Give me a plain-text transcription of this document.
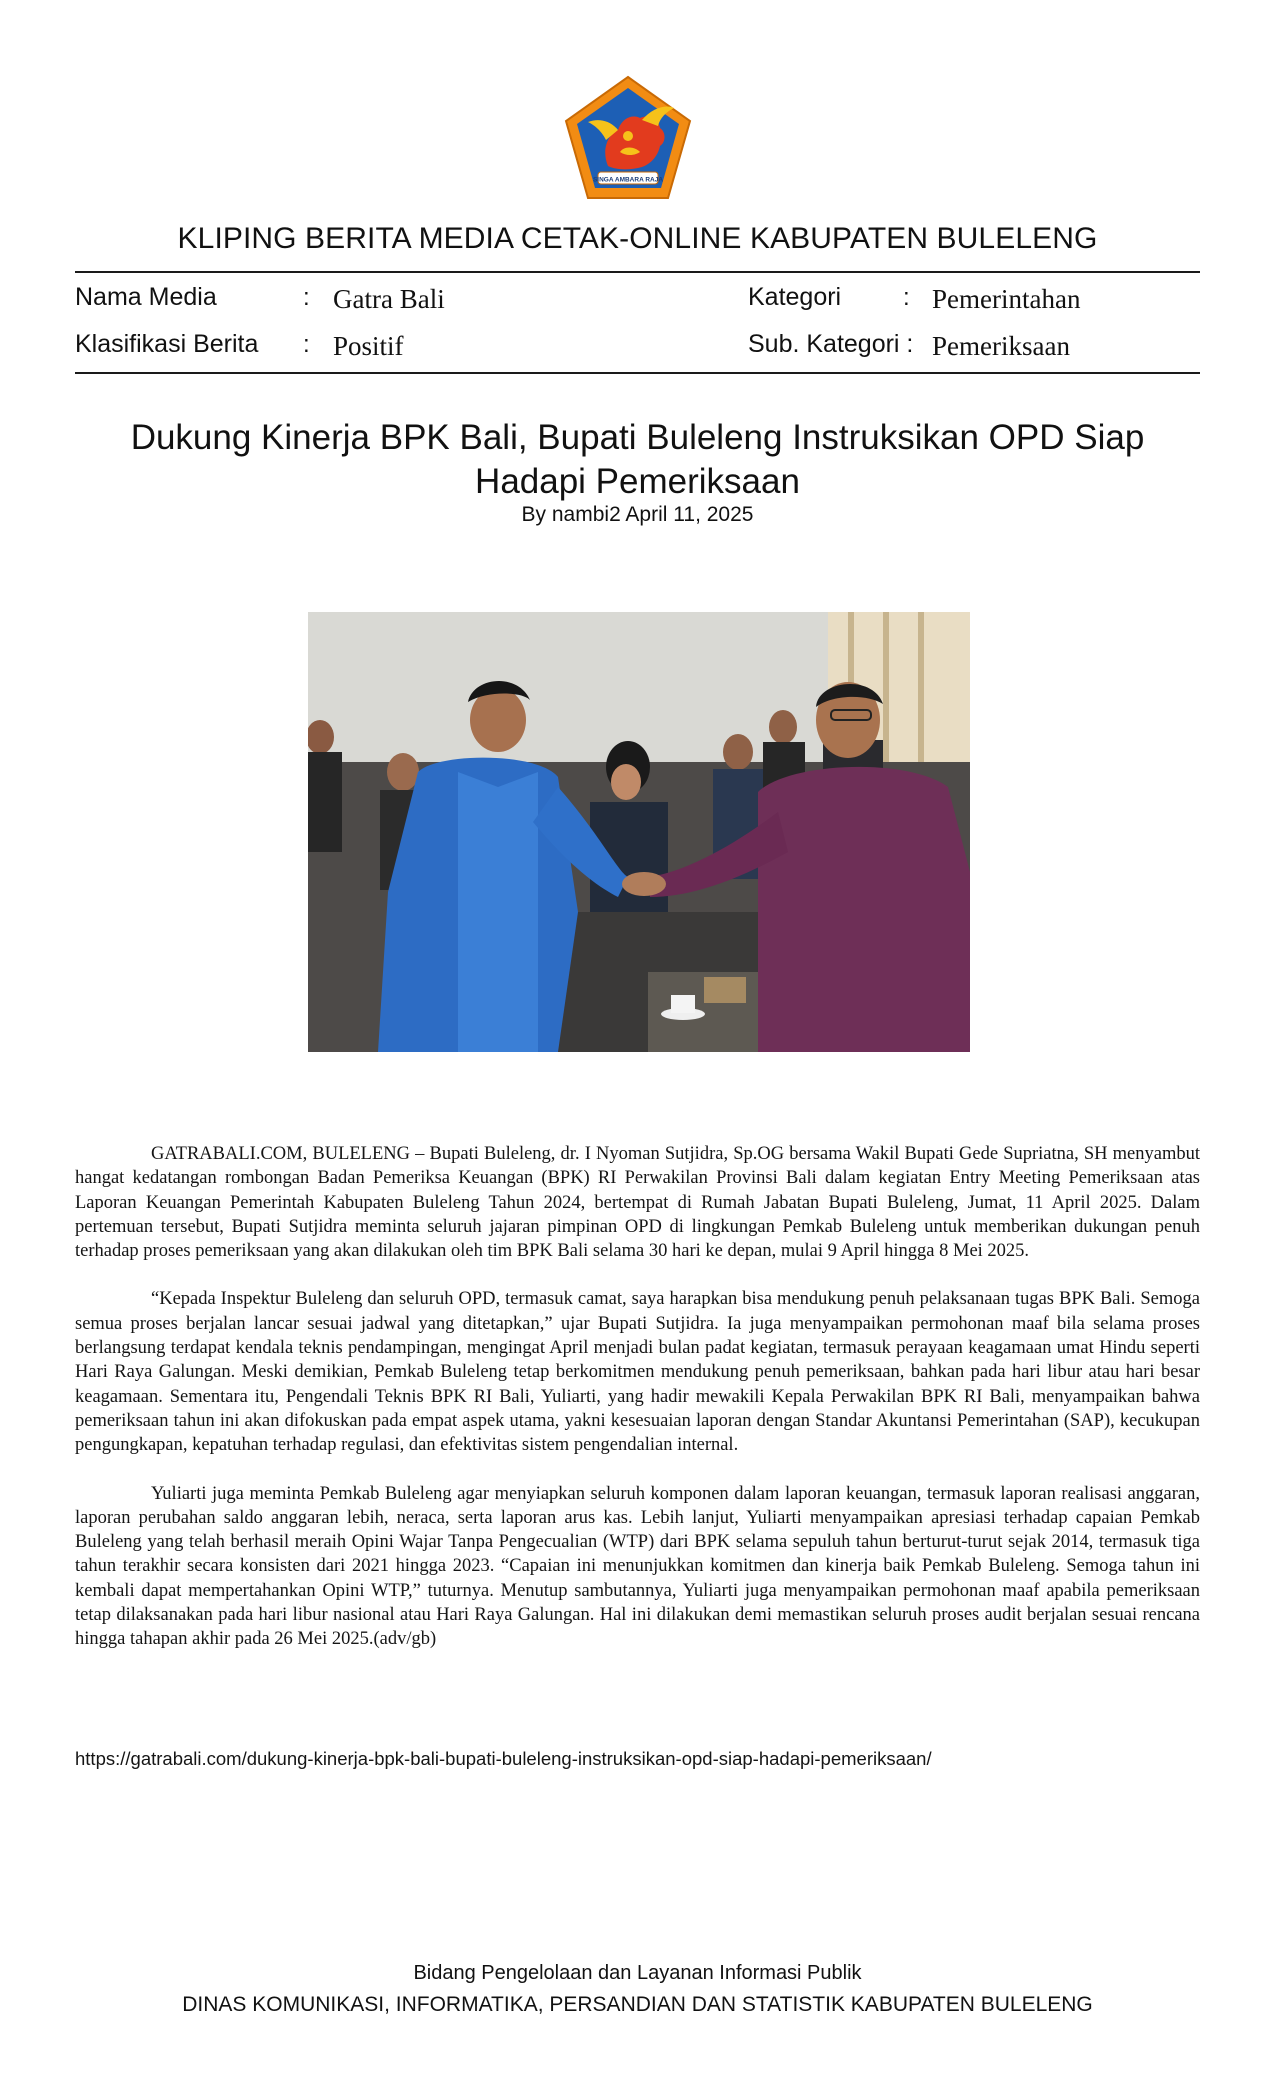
SINGA AMBARA RAJA
KLIPING BERITA MEDIA CETAK-ONLINE KABUPATEN BULELENG
Nama Media	: Gatra Bali	Kategori	: Pemerintahan
Klasifikasi Berita : Positif	Sub. Kategori : Pemeriksaan
Dukung Kinerja BPK Bali, Bupati Buleleng Instruksikan OPD Siap Hadapi Pemeriksaan
By nambi2 April 11, 2025

GATRABALI.COM, BULELENG – Bupati Buleleng, dr. I Nyoman Sutjidra, Sp.OG bersama Wakil Bupati Gede Supriatna, SH menyambut hangat kedatangan rombongan Badan Pemeriksa Keuangan (BPK) RI Perwakilan Provinsi Bali dalam kegiatan Entry Meeting Pemeriksaan atas Laporan Keuangan Pemerintah Kabupaten Buleleng Tahun 2024, bertempat di Rumah Jabatan Bupati Buleleng, Jumat, 11 April 2025. Dalam pertemuan tersebut, Bupati Sutjidra meminta seluruh jajaran pimpinan OPD di lingkungan Pemkab Buleleng untuk memberikan dukungan penuh terhadap proses pemeriksaan yang akan dilakukan oleh tim BPK Bali selama 30 hari ke depan, mulai 9 April hingga 8 Mei 2025.

“Kepada Inspektur Buleleng dan seluruh OPD, termasuk camat, saya harapkan bisa mendukung penuh pelaksanaan tugas BPK Bali. Semoga semua proses berjalan lancar sesuai jadwal yang ditetapkan,” ujar Bupati Sutjidra. Ia juga menyampaikan permohonan maaf bila selama proses berlangsung terdapat kendala teknis pendampingan, mengingat April menjadi bulan padat kegiatan, termasuk perayaan keagamaan umat Hindu seperti Hari Raya Galungan. Meski demikian, Pemkab Buleleng tetap berkomitmen mendukung penuh pemeriksaan, bahkan pada hari libur atau hari besar keagamaan. Sementara itu, Pengendali Teknis BPK RI Bali, Yuliarti, yang hadir mewakili Kepala Perwakilan BPK RI Bali, menyampaikan bahwa pemeriksaan tahun ini akan difokuskan pada empat aspek utama, yakni kesesuaian laporan dengan Standar Akuntansi Pemerintahan (SAP), kecukupan pengungkapan, kepatuhan terhadap regulasi, dan efektivitas sistem pengendalian internal.

Yuliarti juga meminta Pemkab Buleleng agar menyiapkan seluruh komponen dalam laporan keuangan, termasuk laporan realisasi anggaran, laporan perubahan saldo anggaran lebih, neraca, serta laporan arus kas. Lebih lanjut, Yuliarti menyampaikan apresiasi terhadap capaian Pemkab Buleleng yang telah berhasil meraih Opini Wajar Tanpa Pengecualian (WTP) dari BPK selama sepuluh tahun berturut-turut sejak 2014, termasuk tiga tahun terakhir secara konsisten dari 2021 hingga 2023. “Capaian ini menunjukkan komitmen dan kinerja baik Pemkab Buleleng. Semoga tahun ini kembali dapat mempertahankan Opini WTP,” tuturnya. Menutup sambutannya, Yuliarti juga menyampaikan permohonan maaf apabila pemeriksaan tetap dilaksanakan pada hari libur nasional atau Hari Raya Galungan. Hal ini dilakukan demi memastikan seluruh proses audit berjalan sesuai rencana hingga tahapan akhir pada 26 Mei 2025.(adv/gb)

https://gatrabali.com/dukung-kinerja-bpk-bali-bupati-buleleng-instruksikan-opd-siap-hadapi-pemeriksaan/
Bidang Pengelolaan dan Layanan Informasi Publik
DINAS KOMUNIKASI, INFORMATIKA, PERSANDIAN DAN STATISTIK KABUPATEN BULELENG
